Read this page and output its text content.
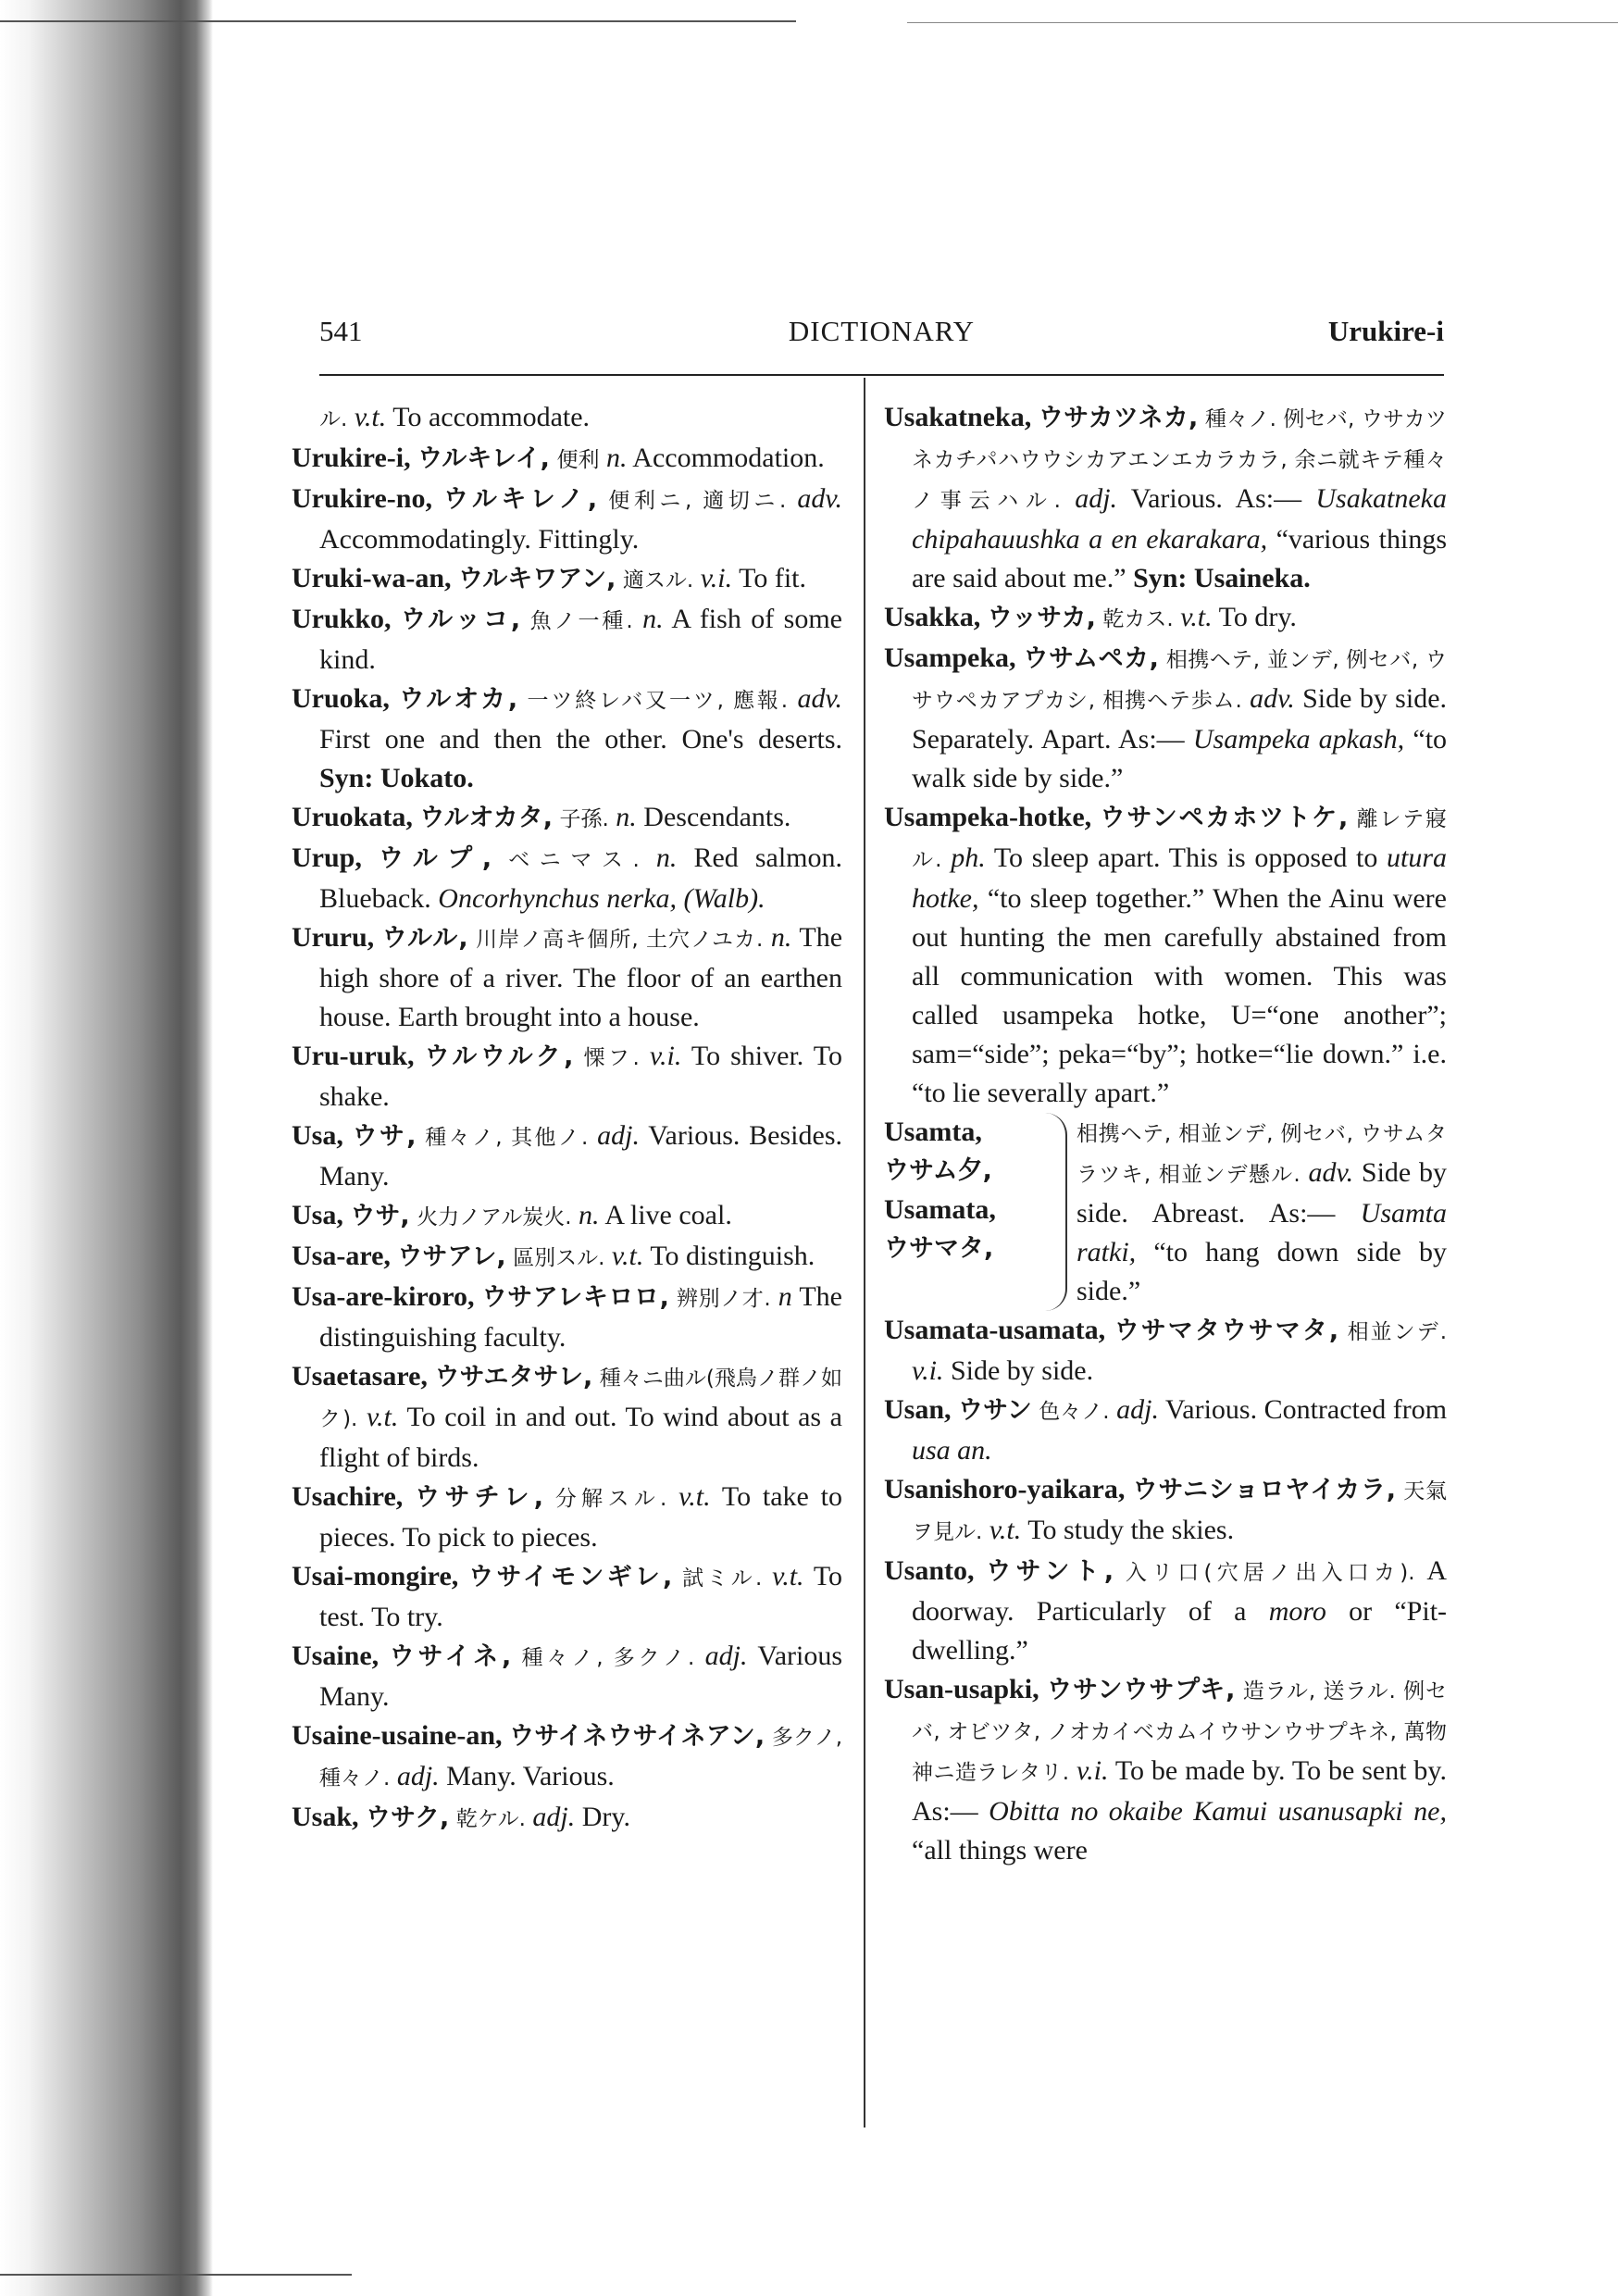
541	DICTIONARY	Urukire-i
ル. v.t. To accommodate.
Urukire-i, ウルキレイ, 便利 n. Accommodation.
Urukire-no, ウルキレノ, 便利ニ, 適切ニ. adv. Accommodatingly. Fittingly.
Uruki-wa-an, ウルキワアン, 適スル. v.i. To fit.
Urukko, ウルッコ, 魚ノ一種. n. A fish of some kind.
Uruoka, ウルオカ, 一ツ終レバ又一ツ, 應報. adv. First one and then the other. One's deserts. Syn: Uokato.
Uruokata, ウルオカタ, 子孫. n. Descendants.
Urup, ウルプ, ベニマス. n. Red salmon. Blueback. Oncorhynchus nerka, (Walb).
Ururu, ウルル, 川岸ノ高キ個所, 土穴ノユカ. n. The high shore of a river. The floor of an earthen house. Earth brought into a house.
Uru-uruk, ウルウルク, 慄フ. v.i. To shiver. To shake.
Usa, ウサ, 種々ノ, 其他ノ. adj. Various. Besides. Many.
Usa, ウサ, 火力ノアル炭火. n. A live coal.
Usa-are, ウサアレ, 區別スル. v.t. To distinguish.
Usa-are-kiroro, ウサアレキロロ, 辨別ノ才. n The distinguishing faculty.
Usaetasare, ウサエタサレ, 種々ニ曲ル(飛鳥ノ群ノ如ク). v.t. To coil in and out. To wind about as a flight of birds.
Usachire, ウサチレ, 分解スル. v.t. To take to pieces. To pick to pieces.
Usai-mongire, ウサイモンギレ, 試ミル. v.t. To test. To try.
Usaine, ウサイネ, 種々ノ, 多クノ. adj. Various Many.
Usaine-usaine-an, ウサイネウサイネアン, 多クノ, 種々ノ. adj. Many. Various.
Usak, ウサク, 乾ケル. adj. Dry.
Usakatneka, ウサカツネカ, 種々ノ. 例セバ, ウサカツネカチパハウウシカアエンエカラカラ, 余ニ就キテ種々ノ事云ハル. adj. Various. As:— Usakatneka chipahauushka a en ekarakara, “various things are said about me.” Syn: Usaineka.
Usakka, ウッサカ, 乾カス. v.t. To dry.
Usampeka, ウサムペカ, 相携ヘテ, 並ンデ, 例セバ, ウサウペカアプカシ, 相携ヘテ歩ム. adv. Side by side. Separately. Apart. As:— Usampeka apkash, “to walk side by side.”
Usampeka-hotke, ウサンペカホツトケ, 離レテ寢ル. ph. To sleep apart. This is opposed to utura hotke, “to sleep together.” When the Ainu were out hunting the men carefully abstained from all communication with women. This was called usampeka hotke, U=“one another”; sam=“side”; peka=“by”; hotke=“lie down.” i.e. “to lie severally apart.”
Usamta,
ウサム夕,
Usamata,
ウサマタ,
相携ヘテ, 相並ンデ, 例セバ, ウサムタラツキ, 相並ンデ懸ル. adv. Side by side. Abreast. As:— Usamta ratki, “to hang down side by side.”
Usamata-usamata, ウサマタウサマタ, 相並ンデ. v.i. Side by side.
Usan, ウサン 色々ノ. adj. Various. Contracted from usa an.
Usanishoro-yaikara, ウサニショロヤイカラ, 天氣ヲ見ル. v.t. To study the skies.
Usanto, ウサント, 入リ口(穴居ノ出入口カ). A doorway. Particularly of a moro or “Pit-dwelling.”
Usan-usapki, ウサンウサプキ, 造ラル, 送ラル. 例セバ, オビツタ, ノオカイベカムイウサンウサプキネ, 萬物神ニ造ラレタリ. v.i. To be made by. To be sent by. As:— Obitta no okaibe Kamui usanusapki ne, “all things were
